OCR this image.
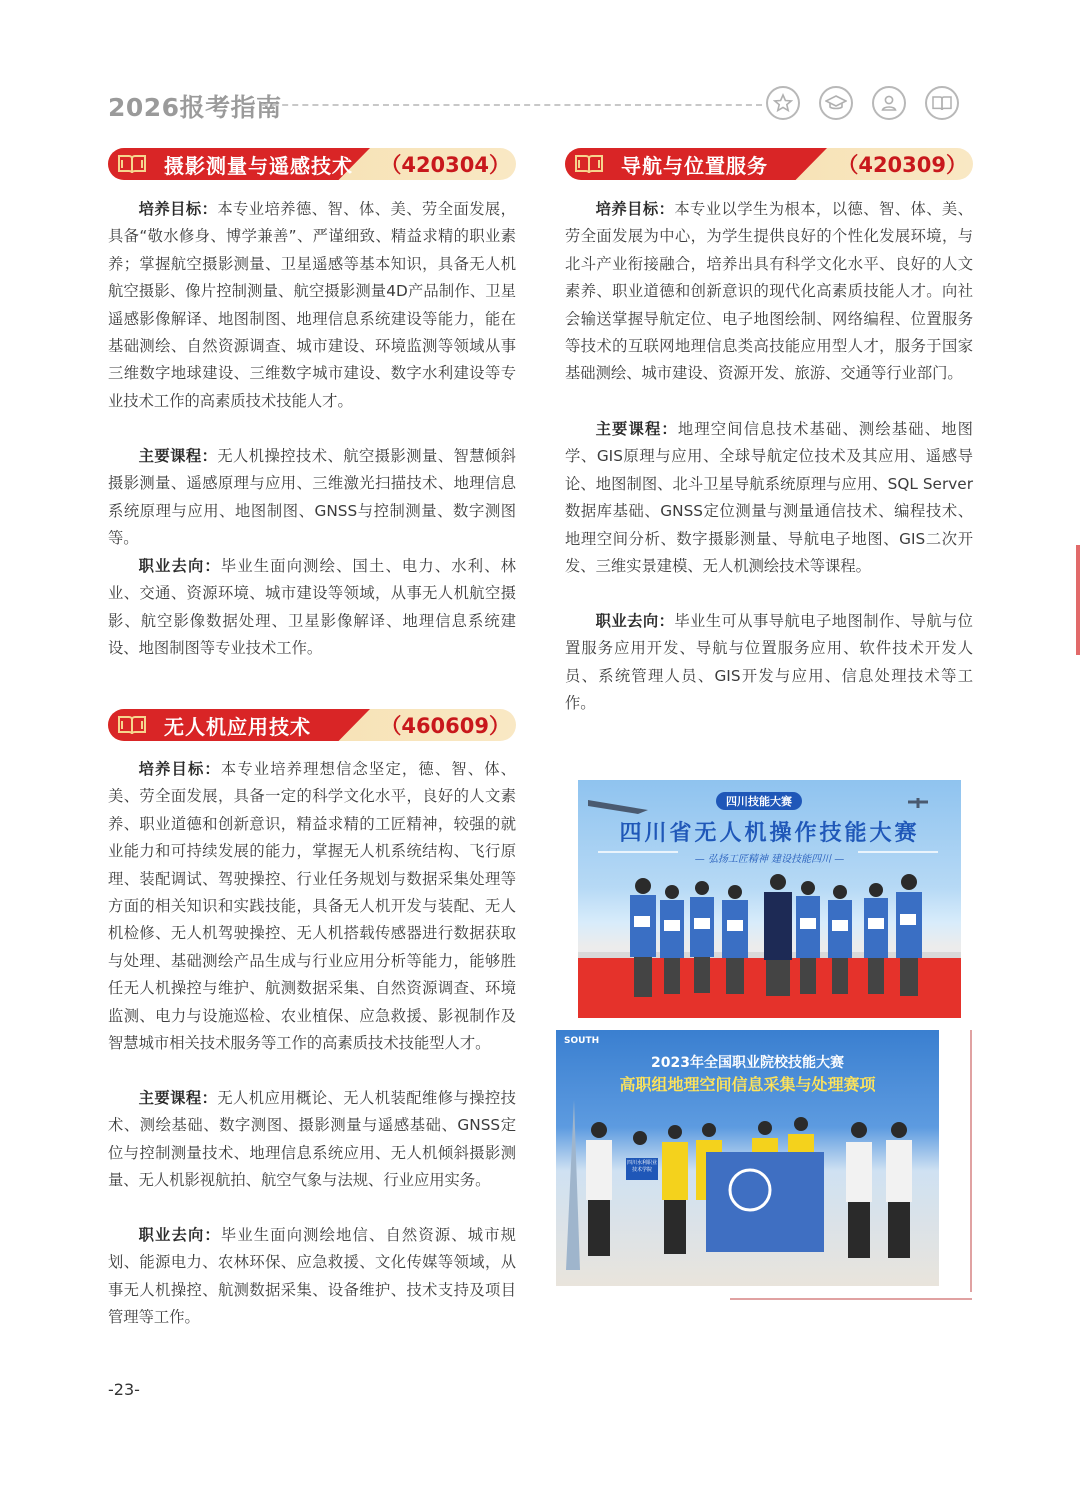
2026报考指南
摄影测量与遥感技术 （420304）

培养目标：本专业培养德、智、体、美、劳全面发展，具备“敬水修身、博学兼善”、严谨细致、精益求精的职业素养；掌握航空摄影测量、卫星遥感等基本知识，具备无人机航空摄影、像片控制测量、航空摄影测量4D产品制作、卫星遥感影像解译、地图制图、地理信息系统建设等能力，能在基础测绘、自然资源调查、城市建设、环境监测等领域从事三维数字地球建设、三维数字城市建设、数字水利建设等专业技术工作的高素质技术技能人才。

主要课程：无人机操控技术、航空摄影测量、智慧倾斜摄影测量、遥感原理与应用、三维激光扫描技术、地理信息系统原理与应用、地图制图、GNSS与控制测量、数字测图等。

职业去向：毕业生面向测绘、国土、电力、水利、林业、交通、资源环境、城市建设等领域，从事无人机航空摄影、航空影像数据处理、卫星影像解译、地理信息系统建设、地图制图等专业技术工作。

无人机应用技术	（460609）

培养目标：本专业培养理想信念坚定，德、智、体、美、劳全面发展，具备一定的科学文化水平，良好的人文素养、职业道德和创新意识，精益求精的工匠精神，较强的就业能力和可持续发展的能力，掌握无人机系统结构、飞行原理、装配调试、驾驶操控、行业任务规划与数据采集处理等方面的相关知识和实践技能，具备无人机开发与装配、无人机检修、无人机驾驶操控、无人机搭载传感器进行数据获取与处理、基础测绘产品生成与行业应用分析等能力，能够胜任无人机操控与维护、航测数据采集、自然资源调查、环境监测、电力与设施巡检、农业植保、应急救援、影视制作及智慧城市相关技术服务等工作的高素质技术技能型人才。

主要课程：无人机应用概论、无人机装配维修与操控技术、测绘基础、数字测图、摄影测量与遥感基础、GNSS定位与控制测量技术、地理信息系统应用、无人机倾斜摄影测量、无人机影视航拍、航空气象与法规、行业应用实务。

职业去向：毕业生面向测绘地信、自然资源、城市规划、能源电力、农林环保、应急救援、文化传媒等领域，从事无人机操控、航测数据采集、设备维护、技术支持及项目管理等工作。

导航与位置服务	（420309）

培养目标：本专业以学生为根本，以德、智、体、美、劳全面发展为中心，为学生提供良好的个性化发展环境，与北斗产业衔接融合，培养出具有科学文化水平、良好的人文素养、职业道德和创新意识的现代化高素质技能人才。向社会输送掌握导航定位、电子地图绘制、网络编程、位置服务等技术的互联网地理信息类高技能应用型人才，服务于国家基础测绘、城市建设、资源开发、旅游、交通等行业部门。

主要课程：地理空间信息技术基础、测绘基础、地图学、GIS原理与应用、全球导航定位技术及其应用、遥感导论、地图制图、北斗卫星导航系统原理与应用、SQL Server数据库基础、GNSS定位测量与测量通信技术、编程技术、地理空间分析、数字摄影测量、导航电子地图、GIS二次开发、三维实景建模、无人机测绘技术等课程。

职业去向：毕业生可从事导航电子地图制作、导航与位置服务应用开发、导航与位置服务应用、软件技术开发人员、系统管理人员、GIS开发与应用、信息处理技术等工作。

四川技能大赛
四川省无人机操作技能大赛
— 弘扬工匠精神 建设技能四川 —
SOUTH
2023年全国职业院校技能大赛
高职组地理空间信息采集与处理赛项
四川水利职业技术学院
-23-
